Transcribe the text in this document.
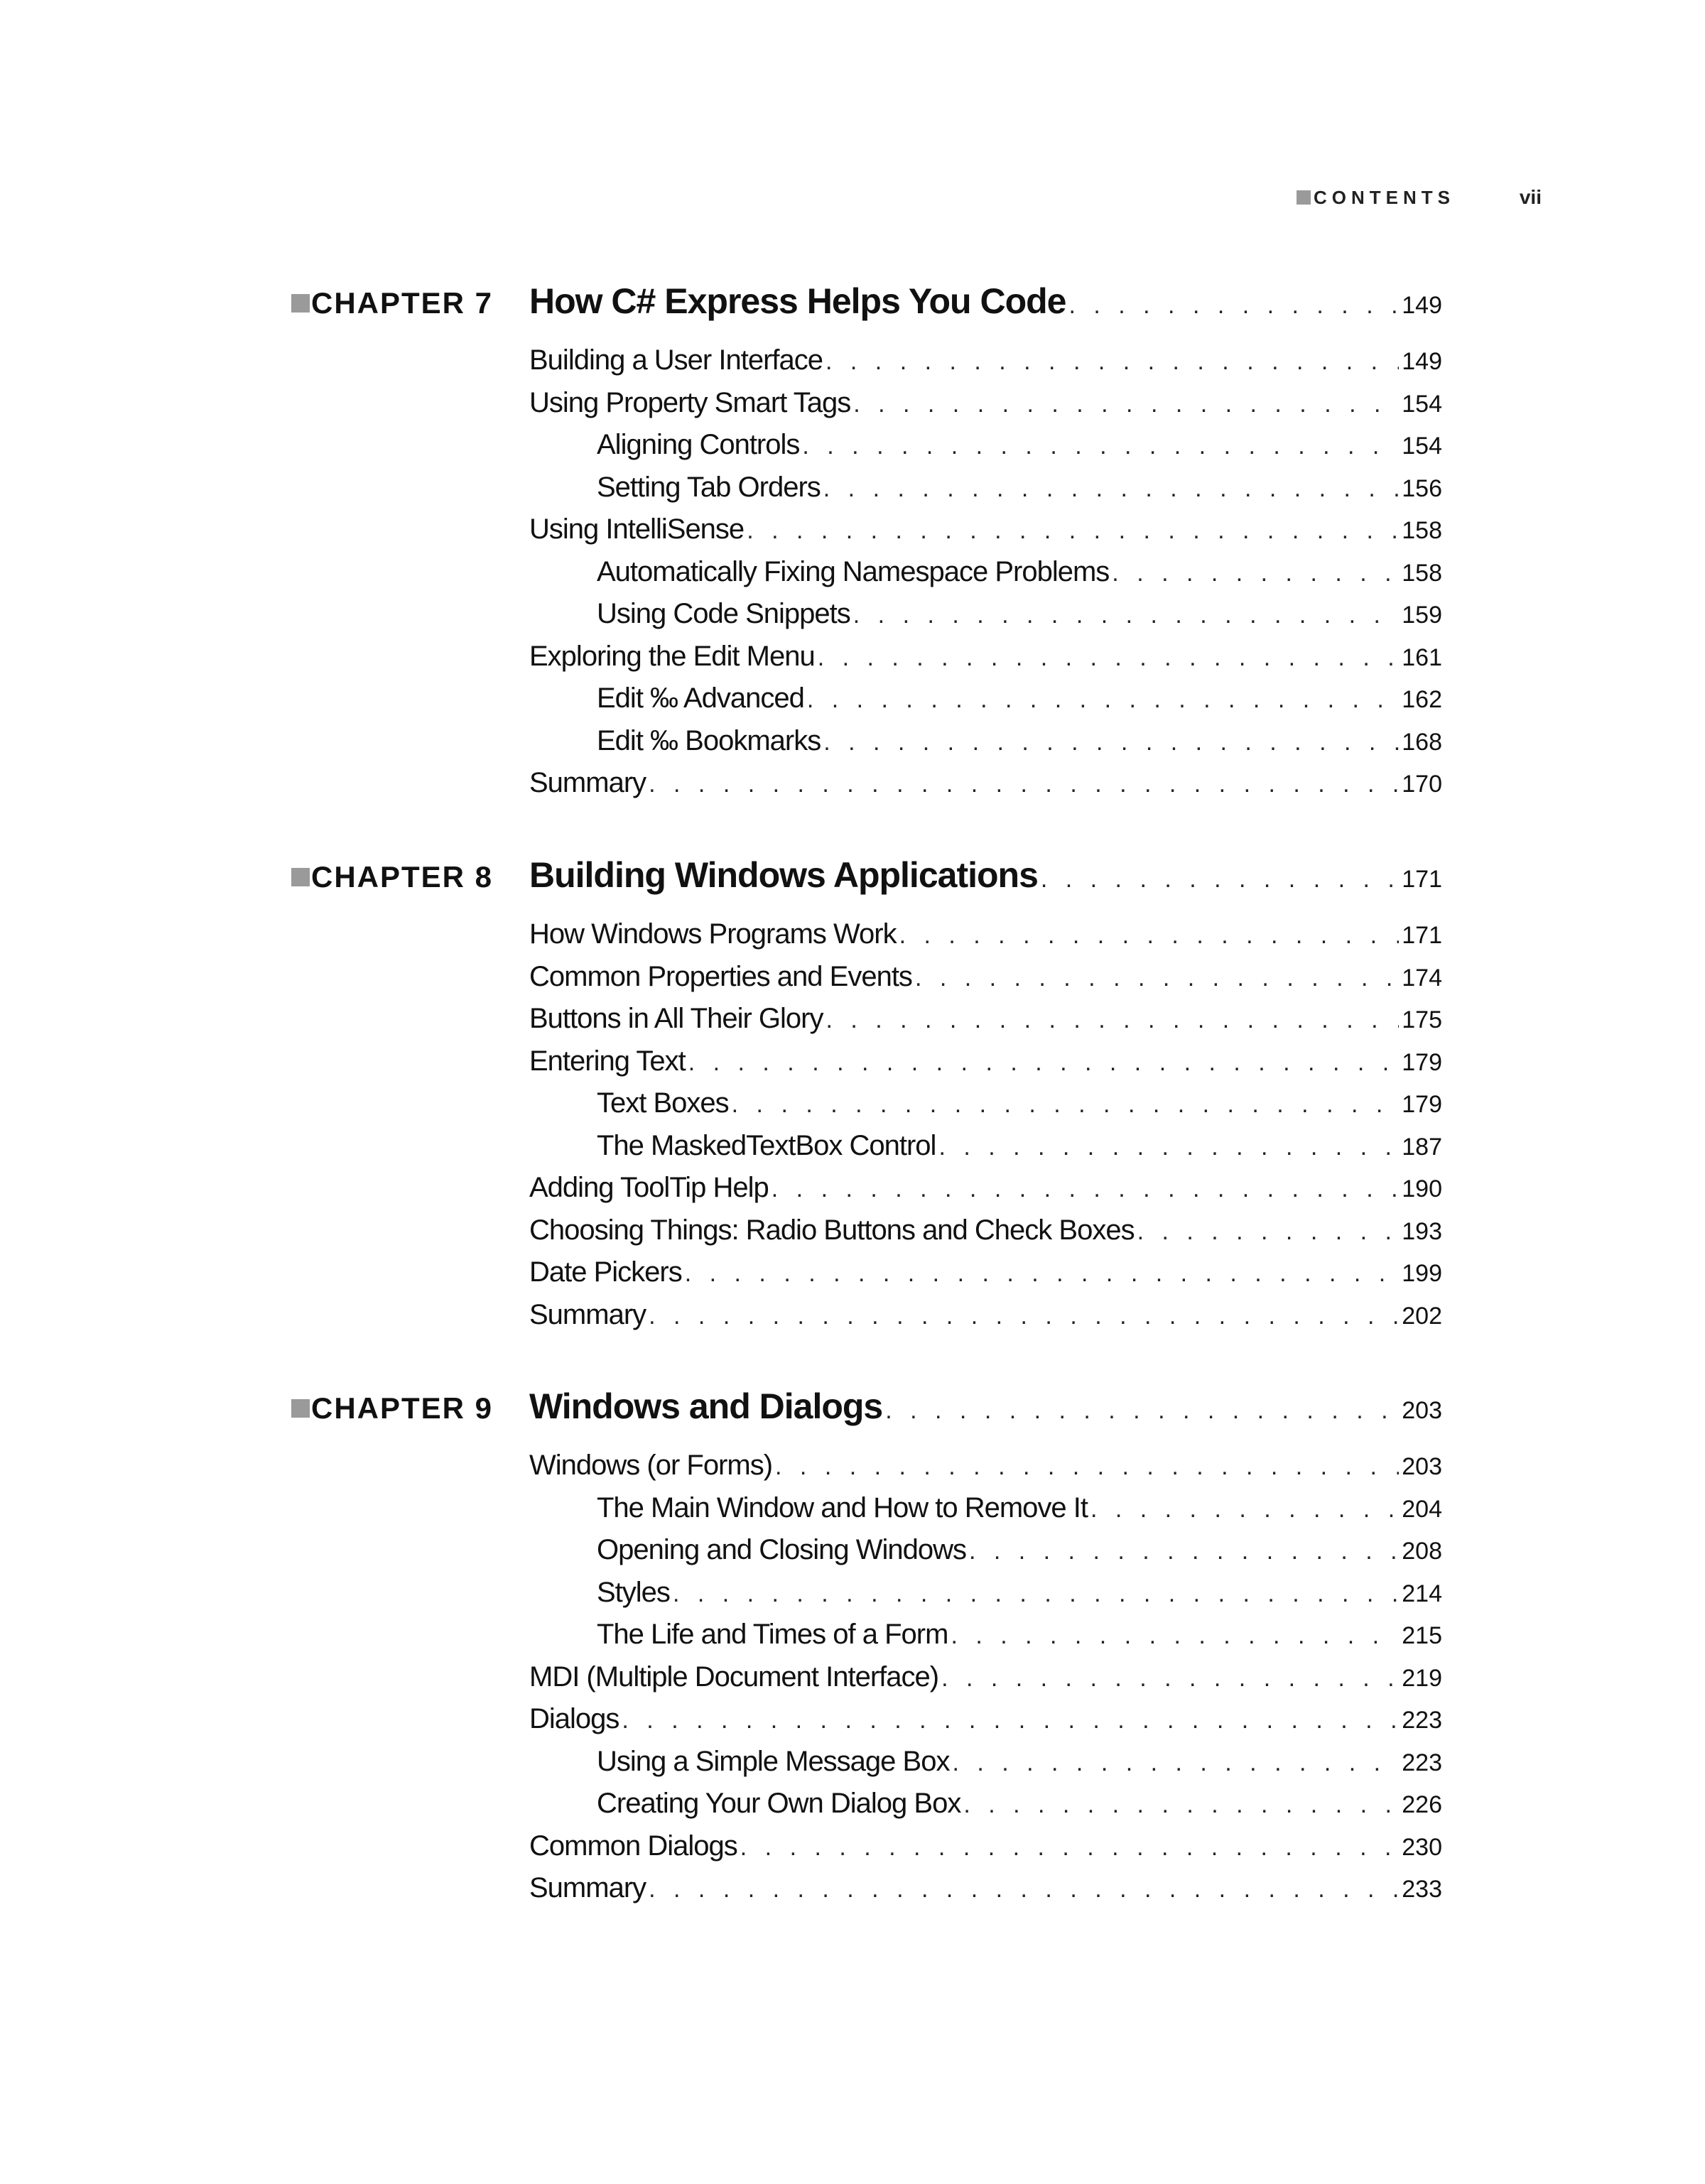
CONTENTS	vii
CHAPTER 7 How C# Express Helps You Code . . .	149
Building a User Interface . . .	149
Using Property Smart Tags . . .	154
Aligning Controls . . .	154
Setting Tab Orders . . .	156
Using IntelliSense . . .	158
Automatically Fixing Namespace Problems . . .	158
Using Code Snippets . . .	159
Exploring the Edit Menu . . .	161
Edit ‰ Advanced . . .	162
Edit ‰ Bookmarks . . .	168
Summary . . .	170
CHAPTER 8 Building Windows Applications . . .	171
How Windows Programs Work . . .	171
Common Properties and Events . . .	174
Buttons in All Their Glory . . .	175
Entering Text . . .	179
Text Boxes . . .	179
The MaskedTextBox Control . . .	187
Adding ToolTip Help . . .	190
Choosing Things: Radio Buttons and Check Boxes . . .	193
Date Pickers . . .	199
Summary . . .	202
CHAPTER 9 Windows and Dialogs . . .	203
Windows (or Forms) . . .	203
The Main Window and How to Remove It . . .	204
Opening and Closing Windows . . .	208
Styles . . .	214
The Life and Times of a Form . . .	215
MDI (Multiple Document Interface) . . .	219
Dialogs . . .	223
Using a Simple Message Box . . .	223
Creating Your Own Dialog Box . . .	226
Common Dialogs . . .	230
Summary . . .	233
